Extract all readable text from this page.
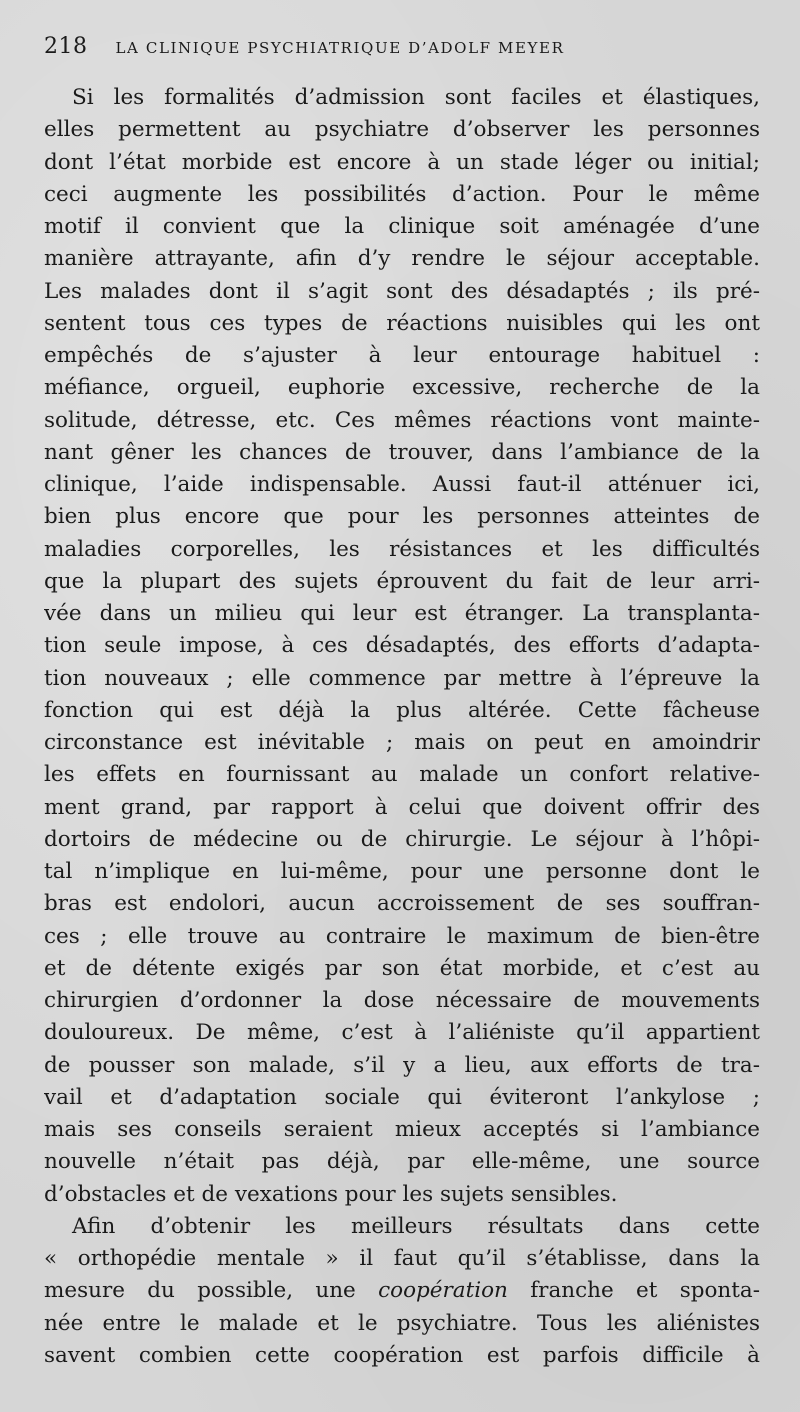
218 LA CLINIQUE PSYCHIATRIQUE D’ADOLF MEYER
Si les formalités d’admission sont faciles et élastiques,
elles permettent au psychiatre d’observer les personnes
dont l’état morbide est encore à un stade léger ou initial;
ceci augmente les possibilités d’action. Pour le même
motif il convient que la clinique soit aménagée d’une
manière attrayante, afin d’y rendre le séjour acceptable.
Les malades dont il s’agit sont des désadaptés ; ils pré-
sentent tous ces types de réactions nuisibles qui les ont
empêchés de s’ajuster à leur entourage habituel :
méfiance, orgueil, euphorie excessive, recherche de la
solitude, détresse, etc. Ces mêmes réactions vont mainte-
nant gêner les chances de trouver, dans l’ambiance de la
clinique, l’aide indispensable. Aussi faut-il atténuer ici,
bien plus encore que pour les personnes atteintes de
maladies corporelles, les résistances et les difficultés
que la plupart des sujets éprouvent du fait de leur arri-
vée dans un milieu qui leur est étranger. La transplanta-
tion seule impose, à ces désadaptés, des efforts d’adapta-
tion nouveaux ; elle commence par mettre à l’épreuve la
fonction qui est déjà la plus altérée. Cette fâcheuse
circonstance est inévitable ; mais on peut en amoindrir
les effets en fournissant au malade un confort relative-
ment grand, par rapport à celui que doivent offrir des
dortoirs de médecine ou de chirurgie. Le séjour à l’hôpi-
tal n’implique en lui-même, pour une personne dont le
bras est endolori, aucun accroissement de ses souffran-
ces ; elle trouve au contraire le maximum de bien-être
et de détente exigés par son état morbide, et c’est au
chirurgien d’ordonner la dose nécessaire de mouvements
douloureux. De même, c’est à l’aliéniste qu’il appartient
de pousser son malade, s’il y a lieu, aux efforts de tra-
vail et d’adaptation sociale qui éviteront l’ankylose ;
mais ses conseils seraient mieux acceptés si l’ambiance
nouvelle n’était pas déjà, par elle-même, une source
d’obstacles et de vexations pour les sujets sensibles.
Afin d’obtenir les meilleurs résultats dans cette
« orthopédie mentale » il faut qu’il s’établisse, dans la
mesure du possible, une coopération franche et sponta-
née entre le malade et le psychiatre. Tous les aliénistes
savent combien cette coopération est parfois difficile à
